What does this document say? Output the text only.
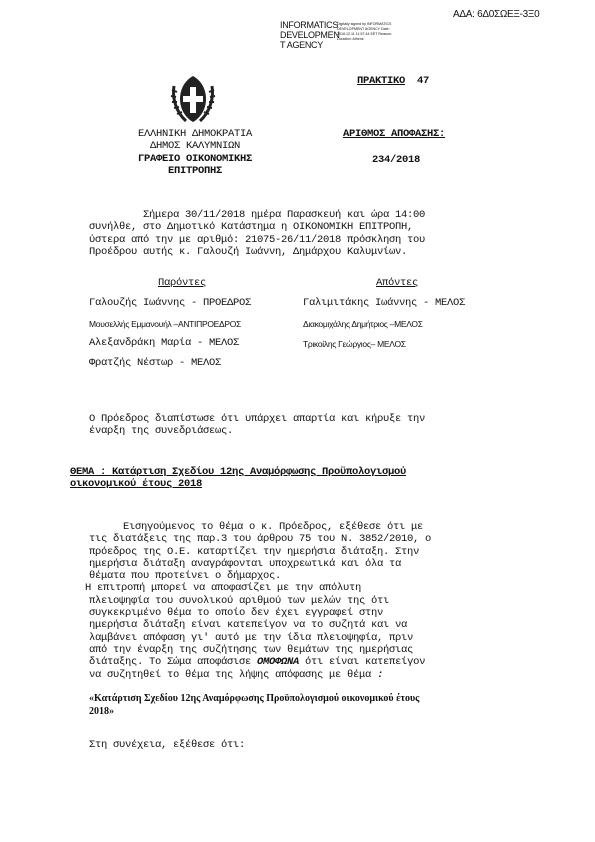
ΑΔΑ: 6Δ0ΣΩΕΞ-3Ξ0
INFORMATICS
DEVELOPMEN
T AGENCY
Digitally signed by INFORMATICS DEVELOPMENT AGENCY Date: 2018.12.11 11:57:44 EET Reason: Location: Athens
ΠΡΑΚΤΙΚΟ 47
ΕΛΛΗΝΙΚΗ ΔΗΜΟΚΡΑΤΙΑ
ΔΗΜΟΣ ΚΑΛΥΜΝΙΩΝ
ΓΡΑΦΕΙΟ ΟΙΚΟΝΟΜΙΚΗΣ
ΕΠΙΤΡΟΠΗΣ
ΑΡΙΘΜΟΣ ΑΠΟΦΑΣΗΣ:
234/2018
Σήμερα 30/11/2018 ημέρα Παρασκευή και ώρα 14:00
συνήλθε, στο Δημοτικό Κατάστημα η ΟΙΚΟΝΟΜΙΚΗ ΕΠΙΤΡΟΠΗ,
ύστερα από την με αριθμό: 21075-26/11/2018 πρόσκληση του
Προέδρου αυτής κ. Γαλουζή Ιωάννη, Δημάρχου Καλυμνίων.
Παρόντες	Απόντες
Γαλουζής Ιωάννης - ΠΡΟΕΔΡΟΣ
Μουσελλής Εμμανουήλ –ΑΝΤΙΠΡΟΕΔΡΟΣ
Αλεξανδράκη Μαρία - ΜΕΛΟΣ
Φρατζής Νέστωρ - ΜΕΛΟΣ
Γαλιμιτάκης Ιωάννης - ΜΕΛΟΣ
Διακομιχάλης Δημήτριος –ΜΕΛΟΣ
Τρικοίλης Γεώργιος– ΜΕΛΟΣ
Ο Πρόεδρος διαπίστωσε ότι υπάρχει απαρτία και κήρυξε την
έναρξη της συνεδριάσεως.
ΘΕΜΑ : Κατάρτιση Σχεδίου 12ης Αναμόρφωσης Προϋπολογισμού
οικονομικού έτους 2018
Εισηγούμενος το θέμα ο κ. Πρόεδρος, εξέθεσε ότι με
τις διατάξεις της παρ.3 του άρθρου 75 του Ν. 3852/2010, ο
πρόεδρος της Ο.Ε. καταρτίζει την ημερήσια διάταξη. Στην
ημερήσια διάταξη αναγράφονται υποχρεωτικά και όλα τα
θέματα που προτείνει ο δήμαρχος.
Η επιτροπή μπορεί να αποφασίζει με την απόλυτη
πλειοψηφία του συνολικού αριθμού των μελών της ότι
συγκεκριμένο θέμα το οποίο δεν έχει εγγραφεί στην
ημερήσια διάταξη είναι κατεπείγον να το συζητά και να
λαμβάνει απόφαση γι' αυτό με την ίδια πλειοψηφία, πριν
από την έναρξη της συζήτησης των θεμάτων της ημερήσιας
διάταξης. Το Σώμα αποφάσισε ΟΜΟΦΩΝΑ ότι είναι κατεπείγον
να συζητηθεί το θέμα της λήψης απόφασης με θέμα :
«Κατάρτιση Σχεδίου 12ης Αναμόρφωσης Προϋπολογισμού οικονομικού έτους
2018»
Στη συνέχεια, εξέθεσε ότι:
